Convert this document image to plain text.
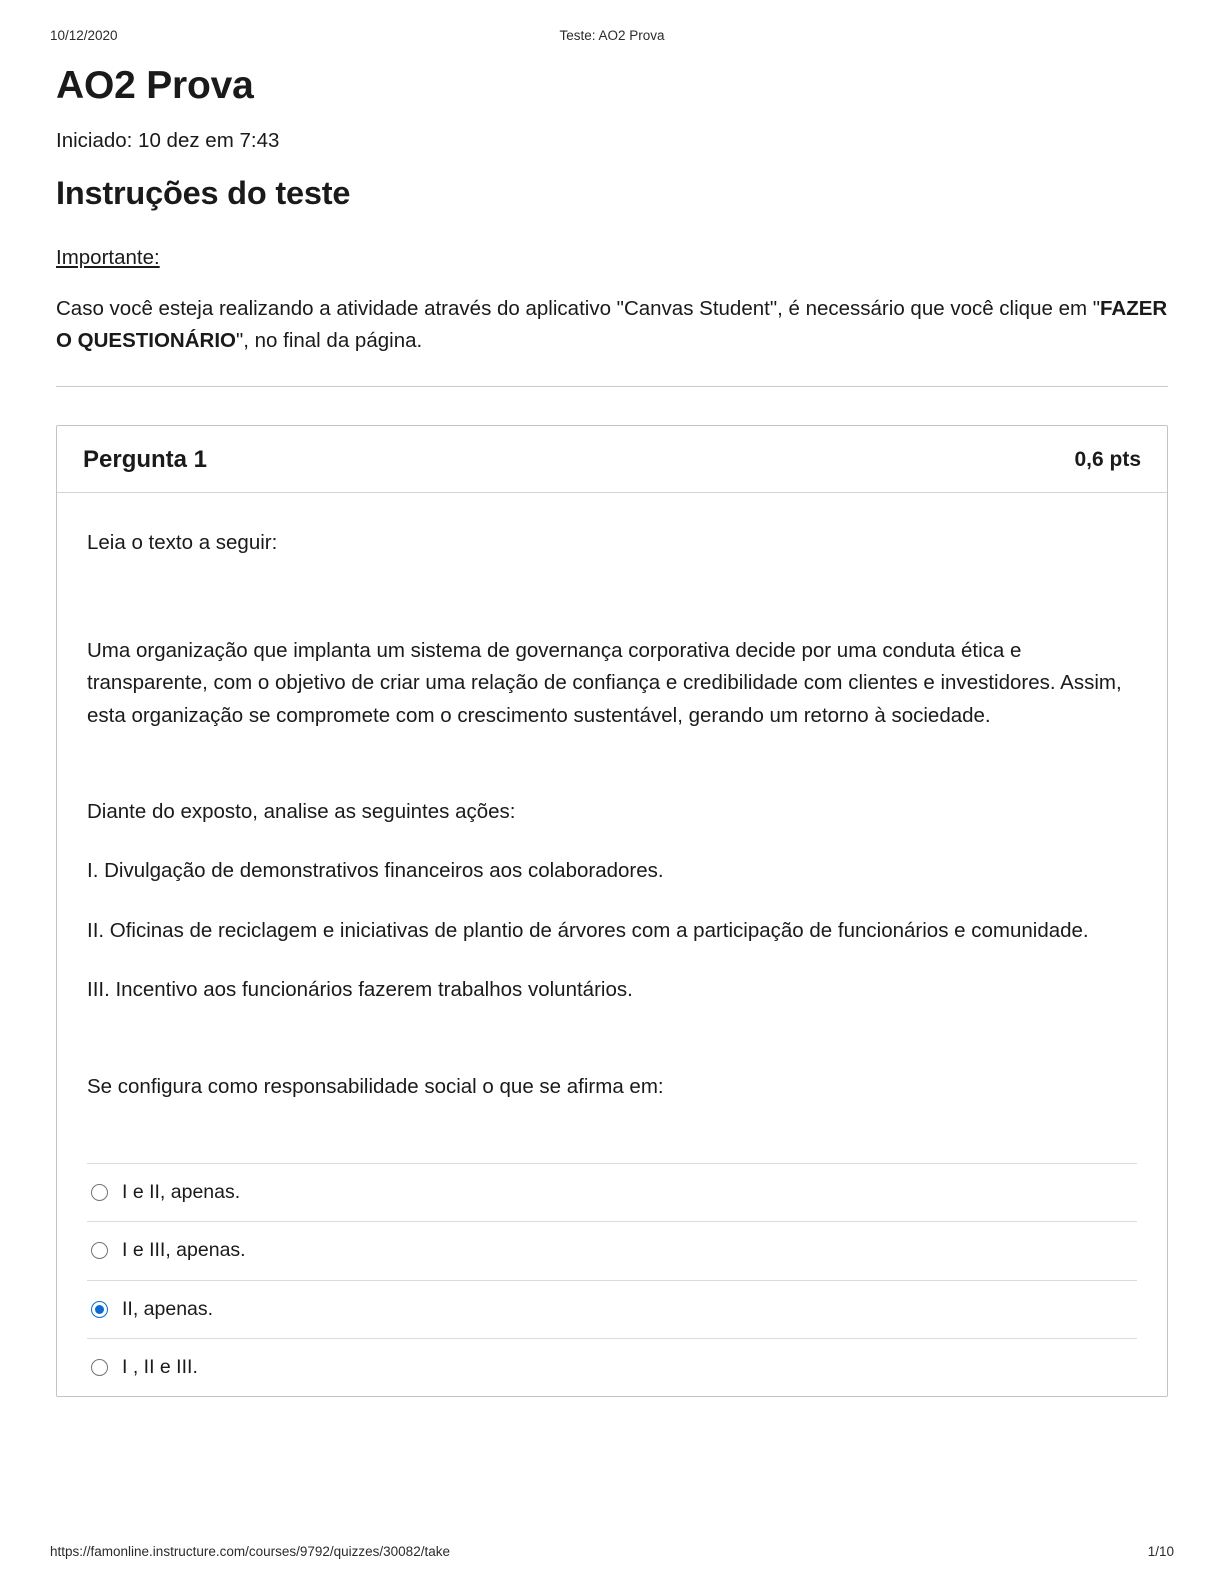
10/12/2020	Teste: AO2 Prova
AO2 Prova
Iniciado: 10 dez em 7:43
Instruções do teste
Importante:

Caso você esteja realizando a atividade através do aplicativo "Canvas Student", é necessário que você clique em "FAZER O QUESTIONÁRIO", no final da página.

Pergunta 1	0,6 pts

Leia o texto a seguir:

Uma organização que implanta um sistema de governança corporativa decide por uma conduta ética e transparente, com o objetivo de criar uma relação de confiança e credibilidade com clientes e investidores. Assim, esta organização se compromete com o crescimento sustentável, gerando um retorno à sociedade.

Diante do exposto, analise as seguintes ações:

I. Divulgação de demonstrativos financeiros aos colaboradores.

II. Oficinas de reciclagem e iniciativas de plantio de árvores com a participação de funcionários e comunidade.

III. Incentivo aos funcionários fazerem trabalhos voluntários.

Se configura como responsabilidade social o que se afirma em:

I e II, apenas.
I e III, apenas.
II, apenas.
I , II e III.
https://famonline.instructure.com/courses/9792/quizzes/30082/take	1/10
